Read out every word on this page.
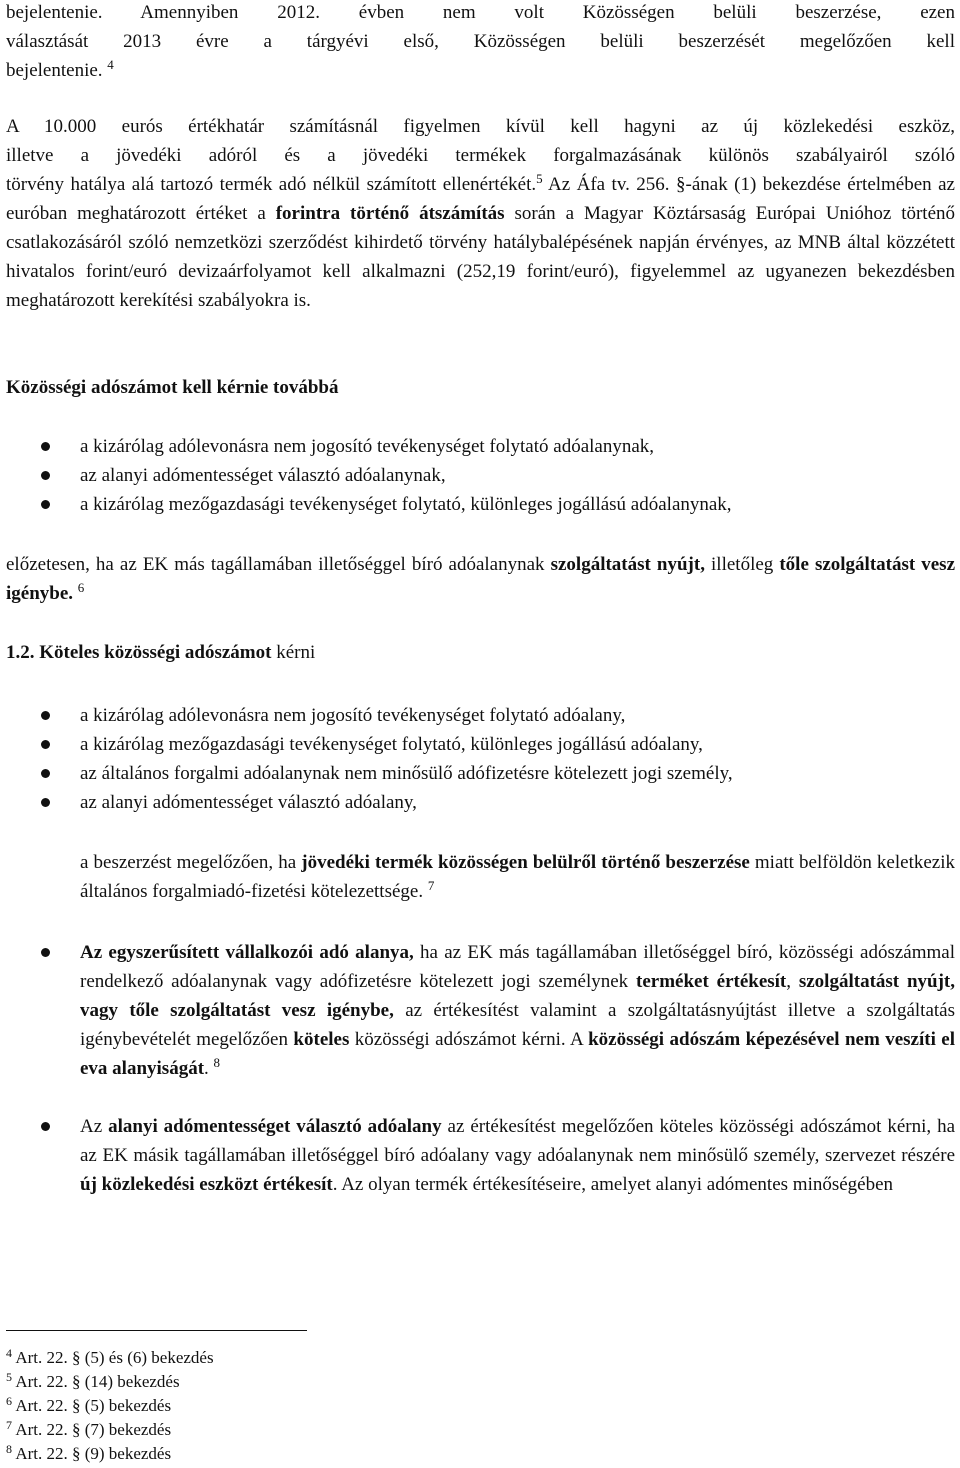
bejelentenie. Amennyiben 2012. évben nem volt Közösségen belüli beszerzése, ezen

választását 2013 évre a tárgyévi első, Közösségen belüli beszerzését megelőzően kell

bejelentenie. $^4$

A 10.000 eurós értékhatár számításnál figyelmen kívül kell hagyni az új közlekedési eszköz,

illetve a jövedéki adóról és a jövedéki termékek forgalmazásának különös szabályairól szóló

törvény hatálya alá tartozó termék adó nélkül számított ellenértékét.$^5$ Az Áfa tv. 256. §-ának (1) bekezdése értelmében az euróban meghatározott értéket a forintra történő átszámítás során a Magyar Köztársaság Európai Unióhoz történő csatlakozásáról szóló nemzetközi szerződést kihirdető törvény hatálybalépésének napján érvényes, az MNB által közzétett hivatalos forint/euró devizaárfolyamot kell alkalmazni (252,19 forint/euró), figyelemmel az ugyanezen bekezdésben meghatározott kerekítési szabályokra is.

Közösségi adószámot kell kérnie továbbá

a kizárólag adólevonásra nem jogosító tevékenységet folytató adóalanynak,
az alanyi adómentességet választó adóalanynak,
a kizárólag mezőgazdasági tevékenységet folytató, különleges jogállású adóalanynak,

előzetesen, ha az EK más tagállamában illetőséggel bíró adóalanynak szolgáltatást nyújt, illetőleg tőle szolgáltatást vesz igénybe. $^6$

1.2. Köteles közösségi adószámot kérni

a kizárólag adólevonásra nem jogosító tevékenységet folytató adóalany,
a kizárólag mezőgazdasági tevékenységet folytató, különleges jogállású adóalany,
az általános forgalmi adóalanynak nem minősülő adófizetésre kötelezett jogi személy,
az alanyi adómentességet választó adóalany,

a beszerzést megelőzően, ha jövedéki termék közösségen belülről történő beszerzése miatt belföldön keletkezik általános forgalmiadó-fizetési kötelezettsége. $^7$

Az egyszerűsített vállalkozói adó alanya, ha az EK más tagállamában illetőséggel bíró, közösségi adószámmal rendelkező adóalanynak vagy adófizetésre kötelezett jogi személynek terméket értékesít, szolgáltatást nyújt, vagy tőle szolgáltatást vesz igénybe, az értékesítést valamint a szolgáltatásnyújtást illetve a szolgáltatás igénybevételét megelőzően köteles közösségi adószámot kérni. A közösségi adószám képezésével nem veszíti el eva alanyiságát. $^8$
Az alanyi adómentességet választó adóalany az értékesítést megelőzően köteles közösségi adószámot kérni, ha az EK másik tagállamában illetőséggel bíró adóalany vagy adóalanynak nem minősülő személy, szervezet részére új közlekedési eszközt értékesít. Az olyan termék értékesítéseire, amelyet alanyi adómentes minőségében
$^4$ Art. 22. § (5) és (6) bekezdés
$^5$ Art. 22. § (14) bekezdés
$^6$ Art. 22. § (5) bekezdés
$^7$ Art. 22. § (7) bekezdés
$^8$ Art. 22. § (9) bekezdés
